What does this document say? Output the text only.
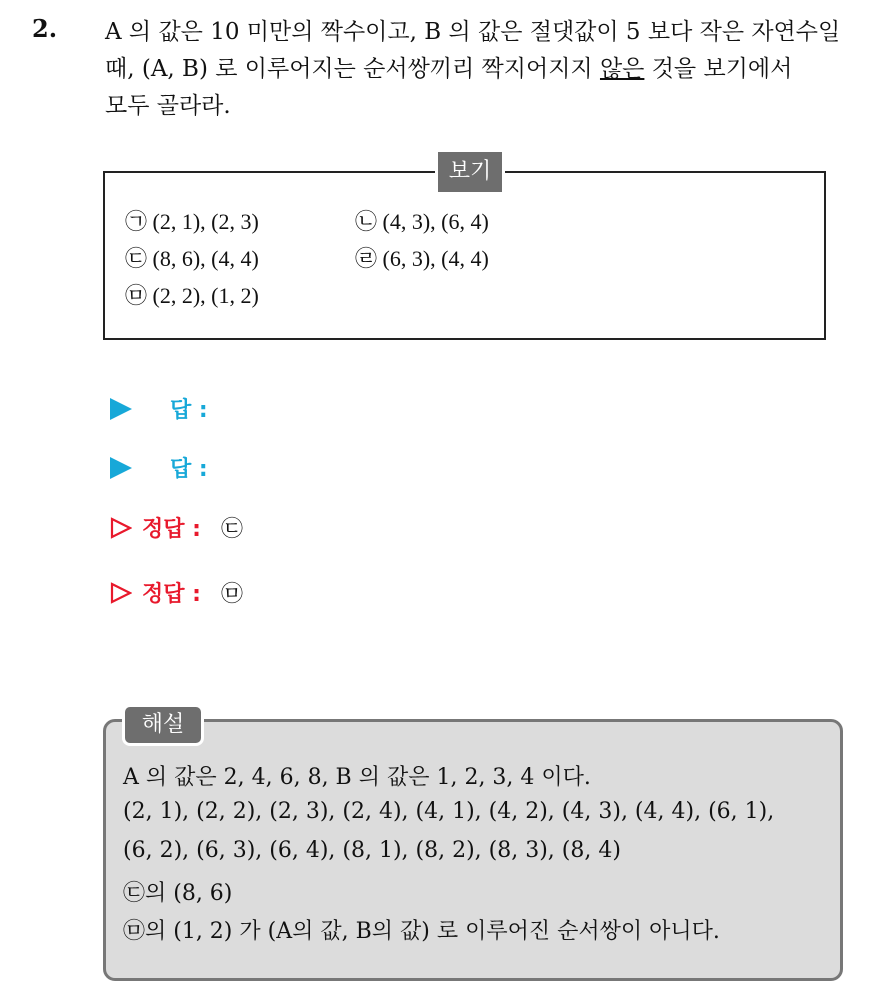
2. A 의 값은 10 미만의 짝수이고, B 의 값은 절댓값이 5 보다 작은 자연수일
때, (A, B) 로 이루어지는 순서쌍끼리 짝지어지지 않은 것을 보기에서
모두 골라라.
보기
㉠ (2, 1), (2, 3)	㉡ (4, 3), (6, 4)
㉢ (8, 6), (4, 4)	㉣ (6, 3), (4, 4)
㉤ (2, 2), (1, 2)
답 :
답 :
정답 : ㉢
정답 : ㉤
해설
A 의 값은 2, 4, 6, 8, B 의 값은 1, 2, 3, 4 이다.
(2, 1), (2, 2), (2, 3), (2, 4), (4, 1), (4, 2), (4, 3), (4, 4), (6, 1),
(6, 2), (6, 3), (6, 4), (8, 1), (8, 2), (8, 3), (8, 4)
㉢의 (8, 6)
㉤의 (1, 2) 가 (A의 값, B의 값) 로 이루어진 순서쌍이 아니다.
